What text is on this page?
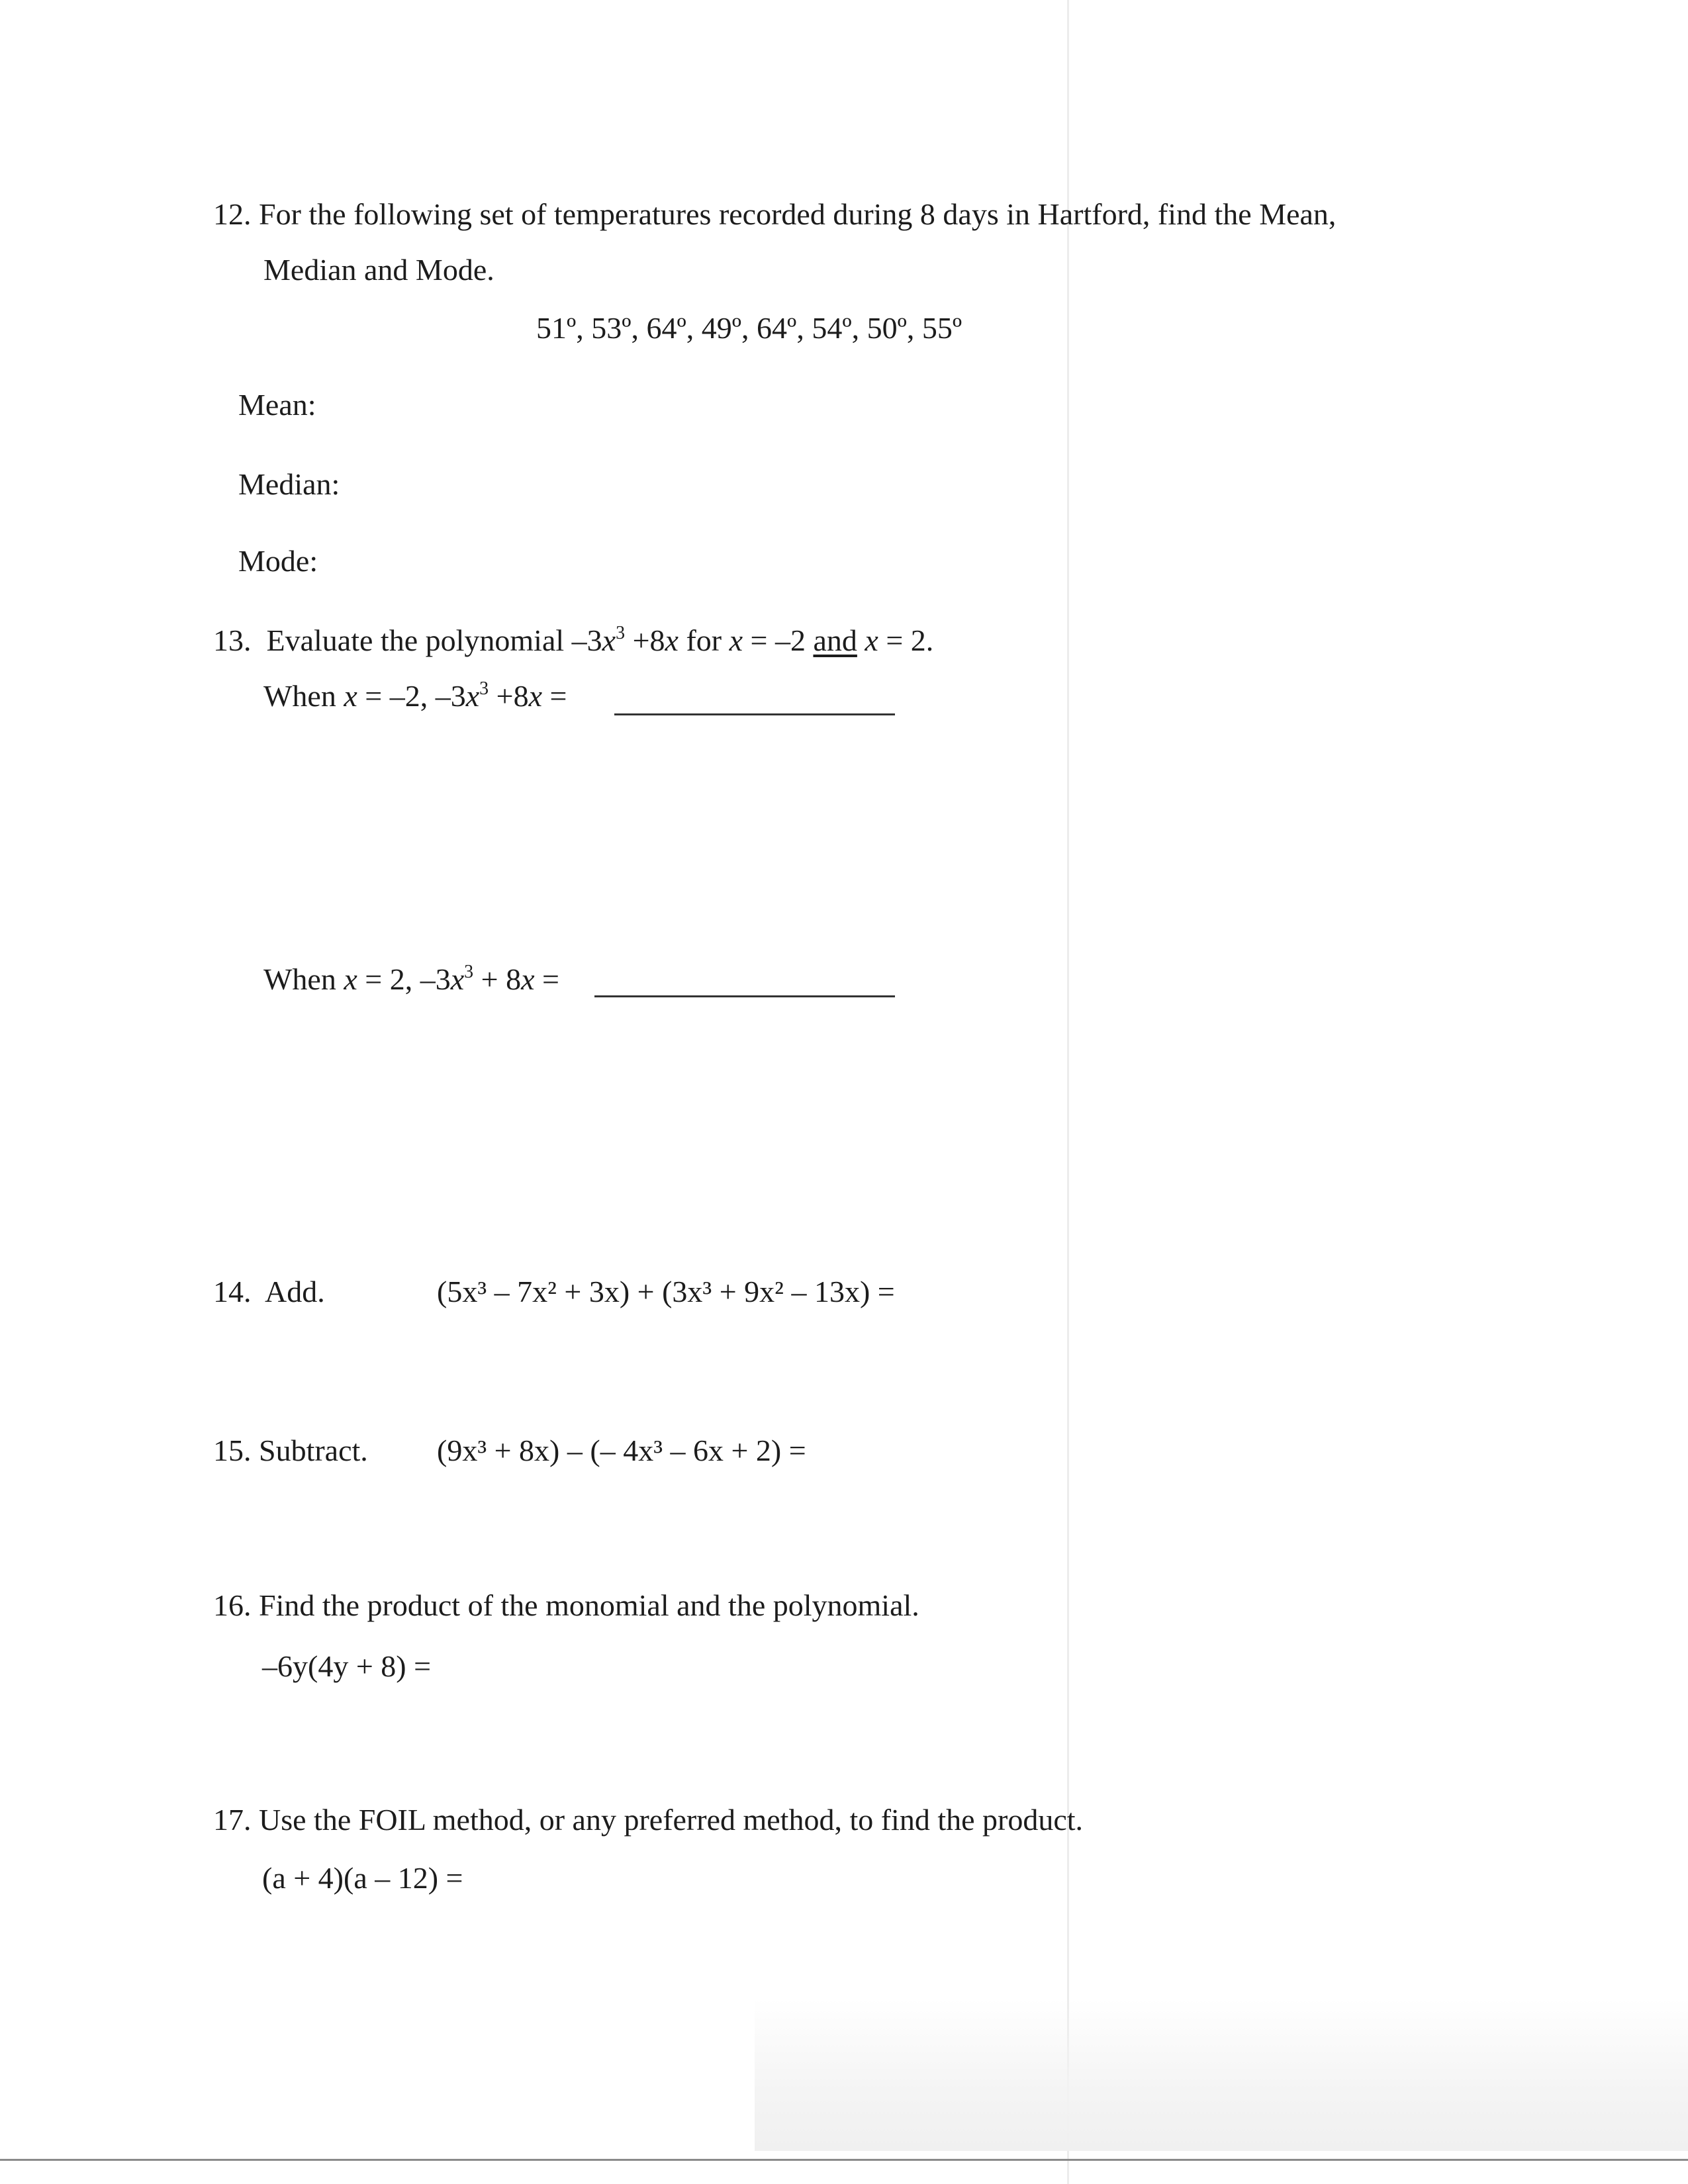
12. For the following set of temperatures recorded during 8 days in Hartford, find the Mean,
Median and Mode.
51º, 53º, 64º, 49º, 64º, 54º, 50º, 55º
Mean:
Median:
Mode:
13. Evaluate the polynomial $-3x^3 +8x$ for x = –2 and x = 2.
When x = –2, $-3x^3 +8x$ =
When x = 2, $-3x^3 + 8x$ =
14. Add.	(5x³ – 7x² + 3x) + (3x³ + 9x² – 13x) =
15. Subtract. (9x³ + 8x) – (– 4x³ – 6x + 2) =
16. Find the product of the monomial and the polynomial.
–6y(4y + 8) =
17. Use the FOIL method, or any preferred method, to find the product.
(a + 4)(a – 12) =
